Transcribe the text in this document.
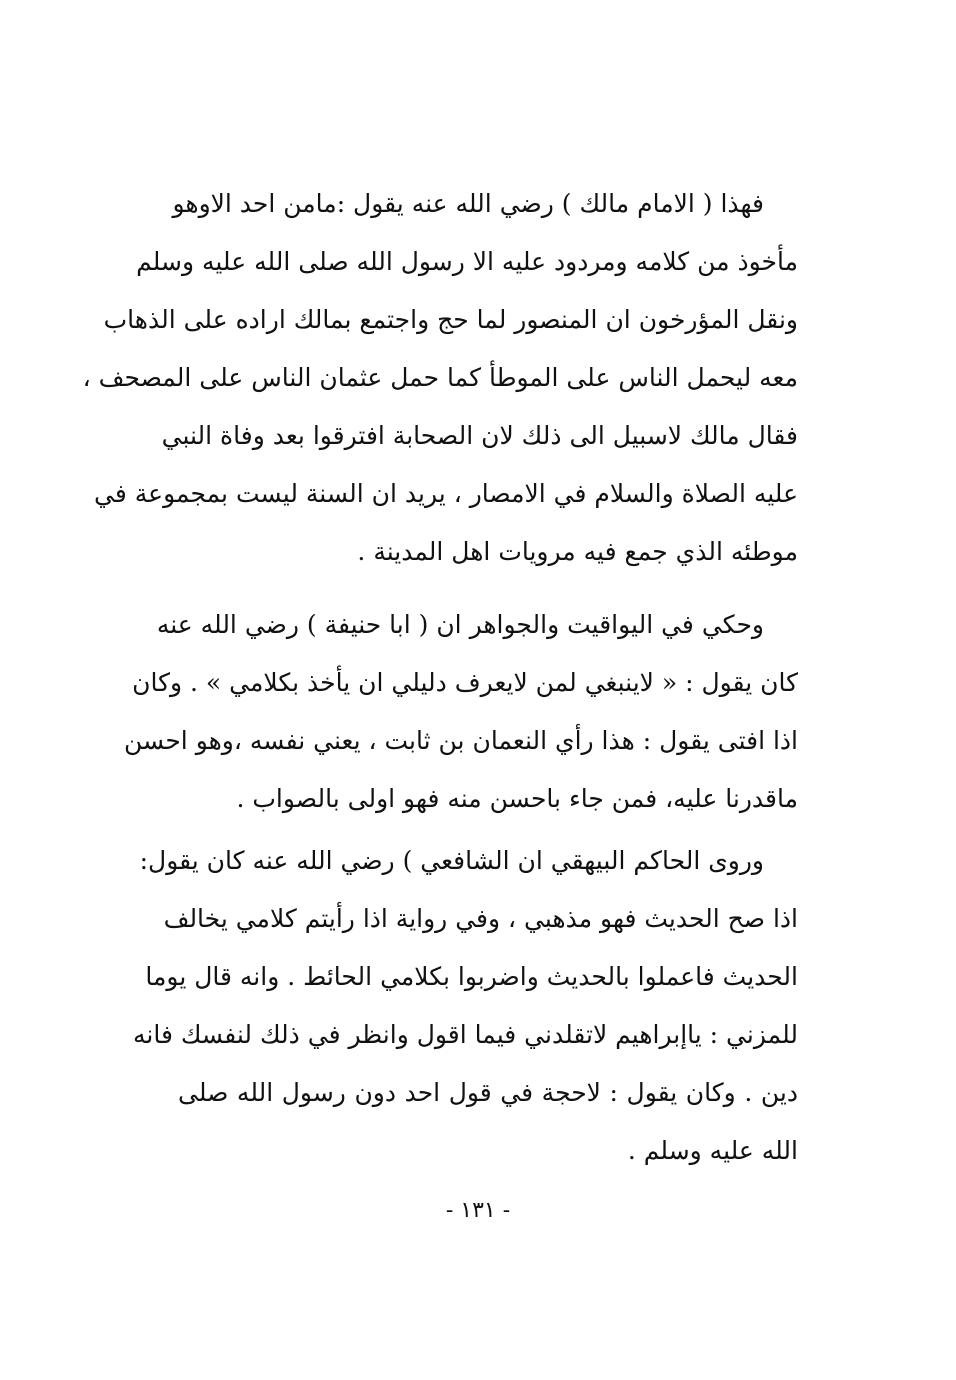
فهذا ( الامام مالك ) رضي الله عنه يقول :مامن احد الاوهو
مأخوذ من كلامه ومردود عليه الا رسول الله صلى الله عليه وسلم
ونقل المؤرخون ان المنصور لما حج واجتمع بمالك اراده على الذهاب
معه ليحمل الناس على الموطأ كما حمل عثمان الناس على المصحف ،
فقال مالك لاسبيل الى ذلك لان الصحابة افترقوا بعد وفاة النبي
عليه الصلاة والسلام في الامصار ، يريد ان السنة ليست بمجموعة في
موطئه الذي جمع فيه مرويات اهل المدينة .
وحكي في اليواقيت والجواهر ان ( ابا حنيفة ) رضي الله عنه
كان يقول : « لاينبغي لمن لايعرف دليلي ان يأخذ بكلامي » . وكان
اذا افتى يقول : هذا رأي النعمان بن ثابت ، يعني نفسه ،وهو احسن
ماقدرنا عليه، فمن جاء باحسن منه فهو اولى بالصواب .
وروى الحاكم البيهقي ان الشافعي ) رضي الله عنه كان يقول:
اذا صح الحديث فهو مذهبي ، وفي رواية اذا رأيتم كلامي يخالف
الحديث فاعملوا بالحديث واضربوا بكلامي الحائط . وانه قال يوما
للمزني : ياإبراهيم لاتقلدني فيما اقول وانظر في ذلك لنفسك فانه
دين . وكان يقول : لاحجة في قول احد دون رسول الله صلى
الله عليه وسلم .
- ١٣١ -
